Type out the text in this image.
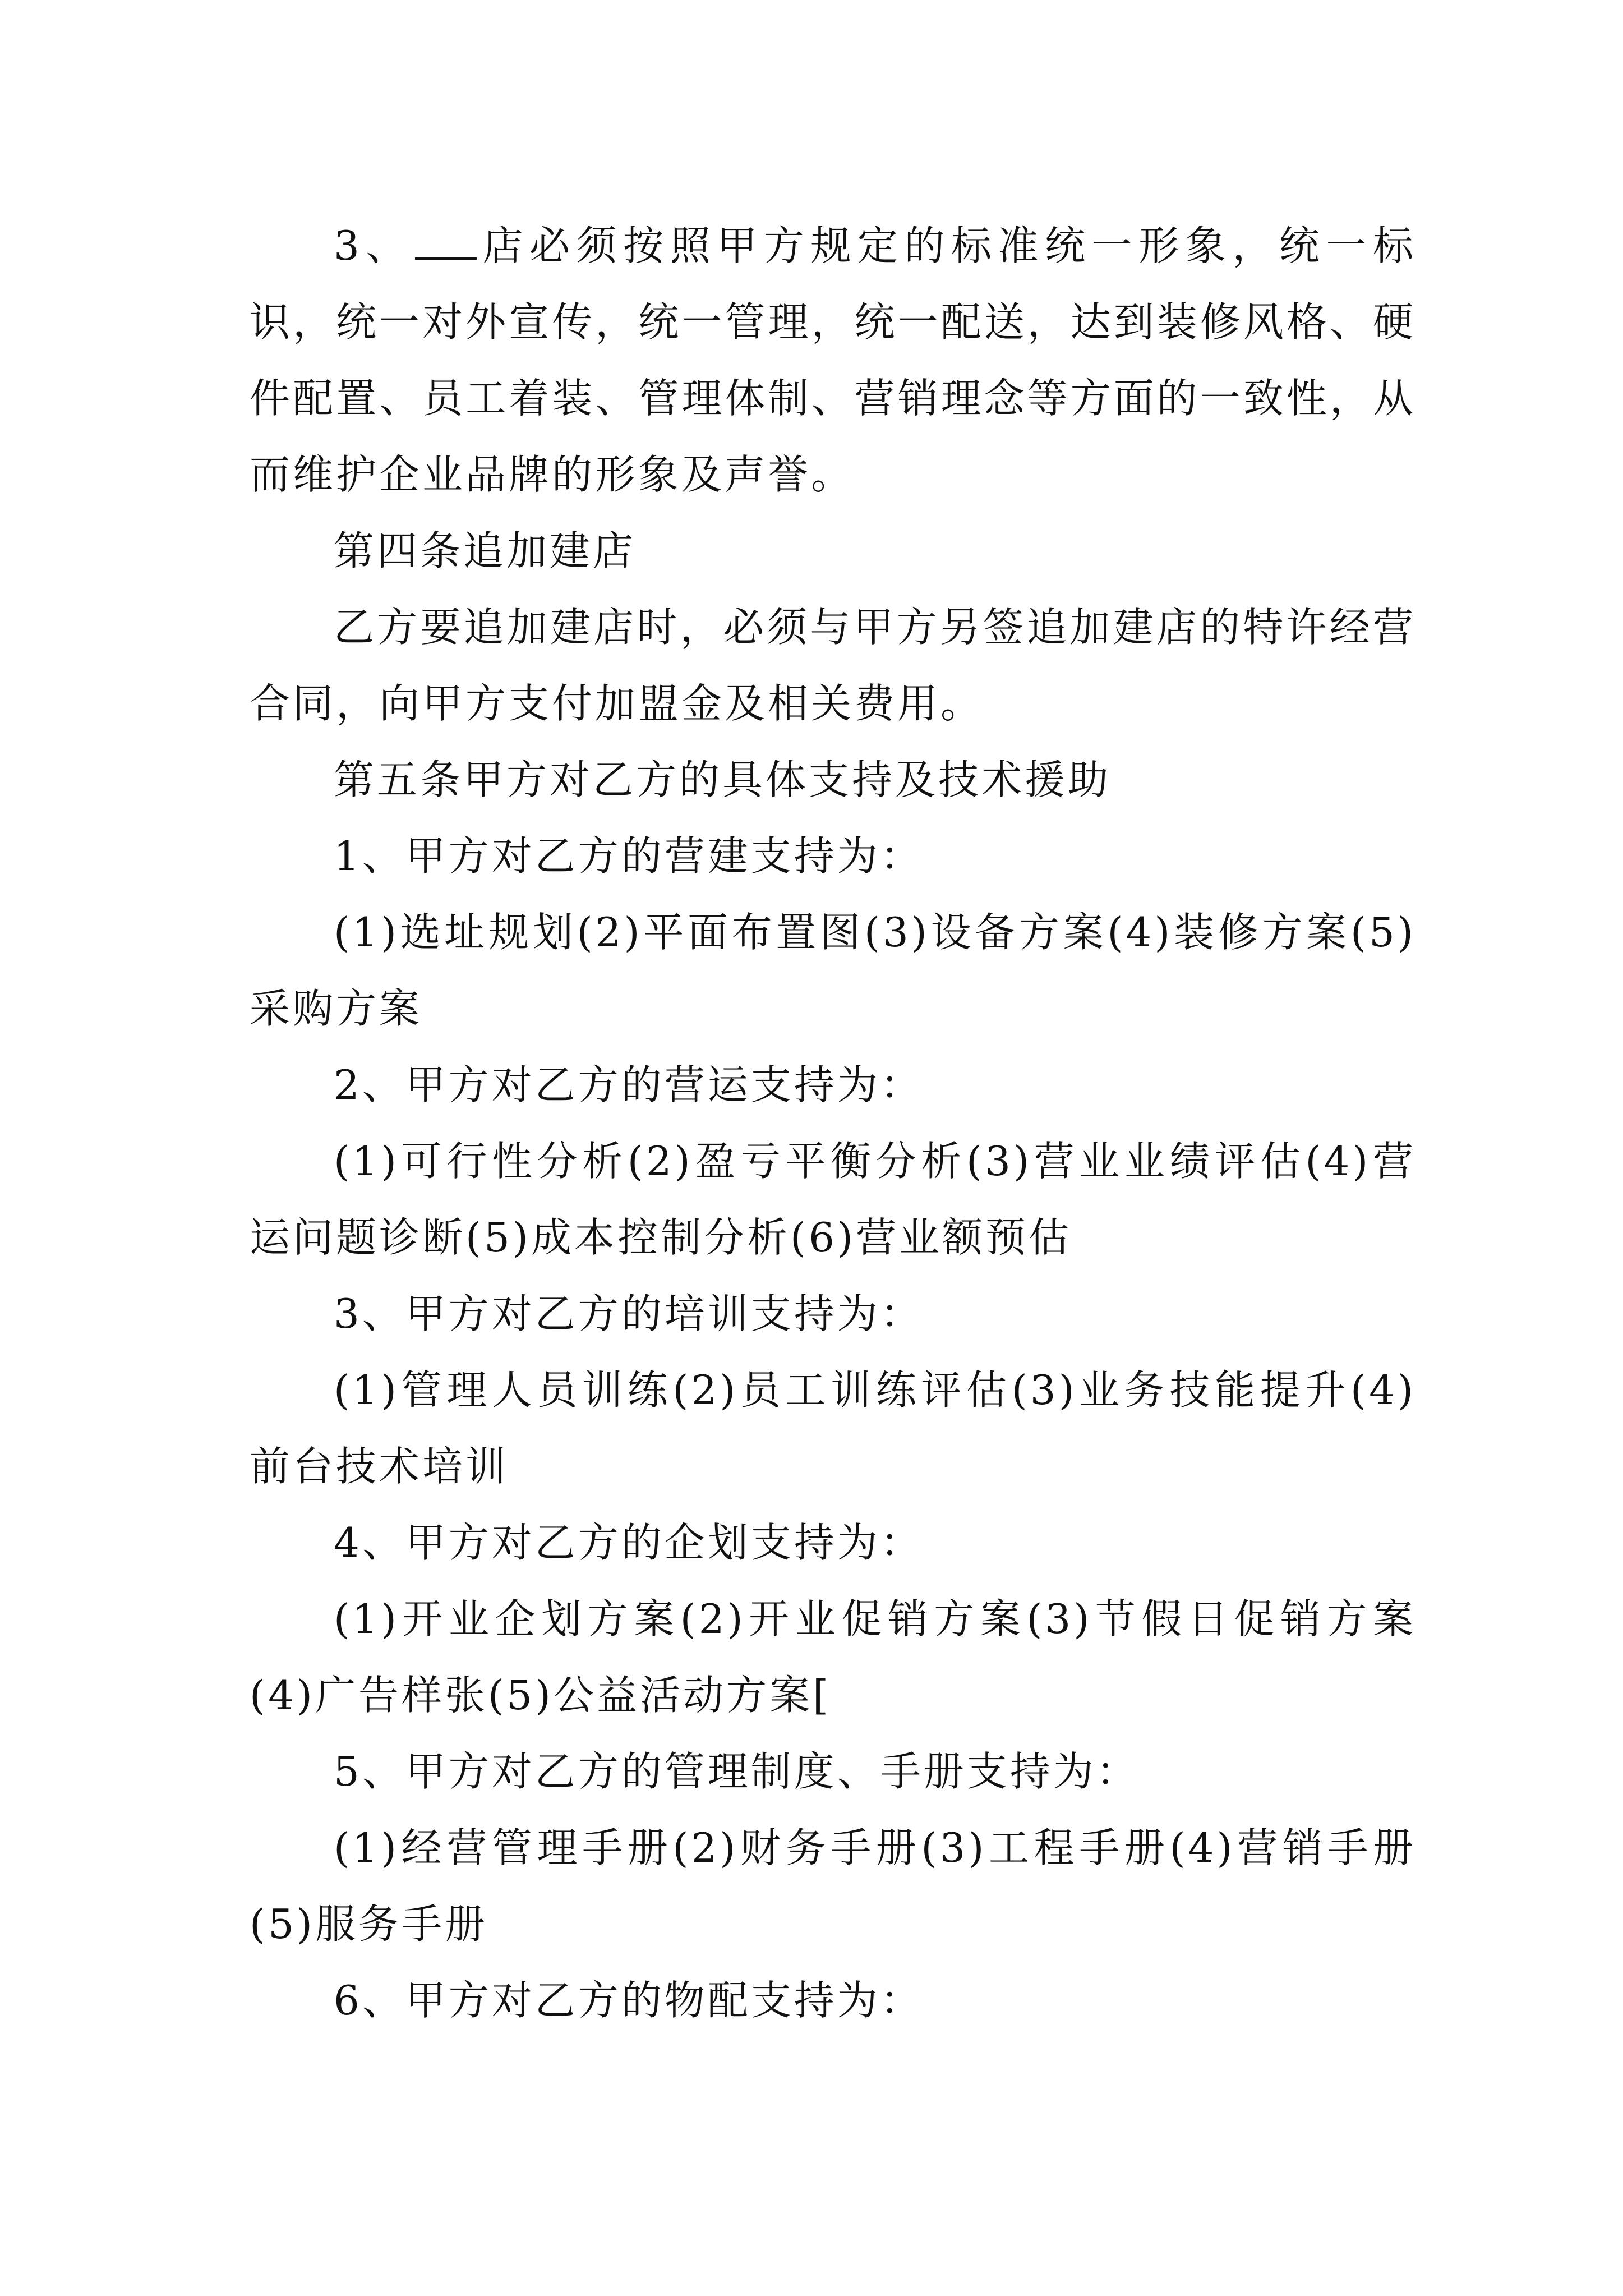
3、 店必须按照甲方规定的标准统一形象，统一标识，统一对外宣传，统一管理，统一配送，达到装修风格、硬件配置、员工着装、管理体制、营销理念等方面的一致性，从而维护企业品牌的形象及声誉。

第四条追加建店

乙方要追加建店时，必须与甲方另签追加建店的特许经营合同，向甲方支付加盟金及相关费用。

第五条甲方对乙方的具体支持及技术援助

1、甲方对乙方的营建支持为：

(1)选址规划(2)平面布置图(3)设备方案(4)装修方案(5)采购方案

2、甲方对乙方的营运支持为：

(1)可行性分析(2)盈亏平衡分析(3)营业业绩评估(4)营运问题诊断(5)成本控制分析(6)营业额预估

3、甲方对乙方的培训支持为：

(1)管理人员训练(2)员工训练评估(3)业务技能提升(4)前台技术培训

4、甲方对乙方的企划支持为：

(1)开业企划方案(2)开业促销方案(3)节假日促销方案(4)广告样张(5)公益活动方案[

5、甲方对乙方的管理制度、手册支持为：

(1)经营管理手册(2)财务手册(3)工程手册(4)营销手册(5)服务手册

6、甲方对乙方的物配支持为：
